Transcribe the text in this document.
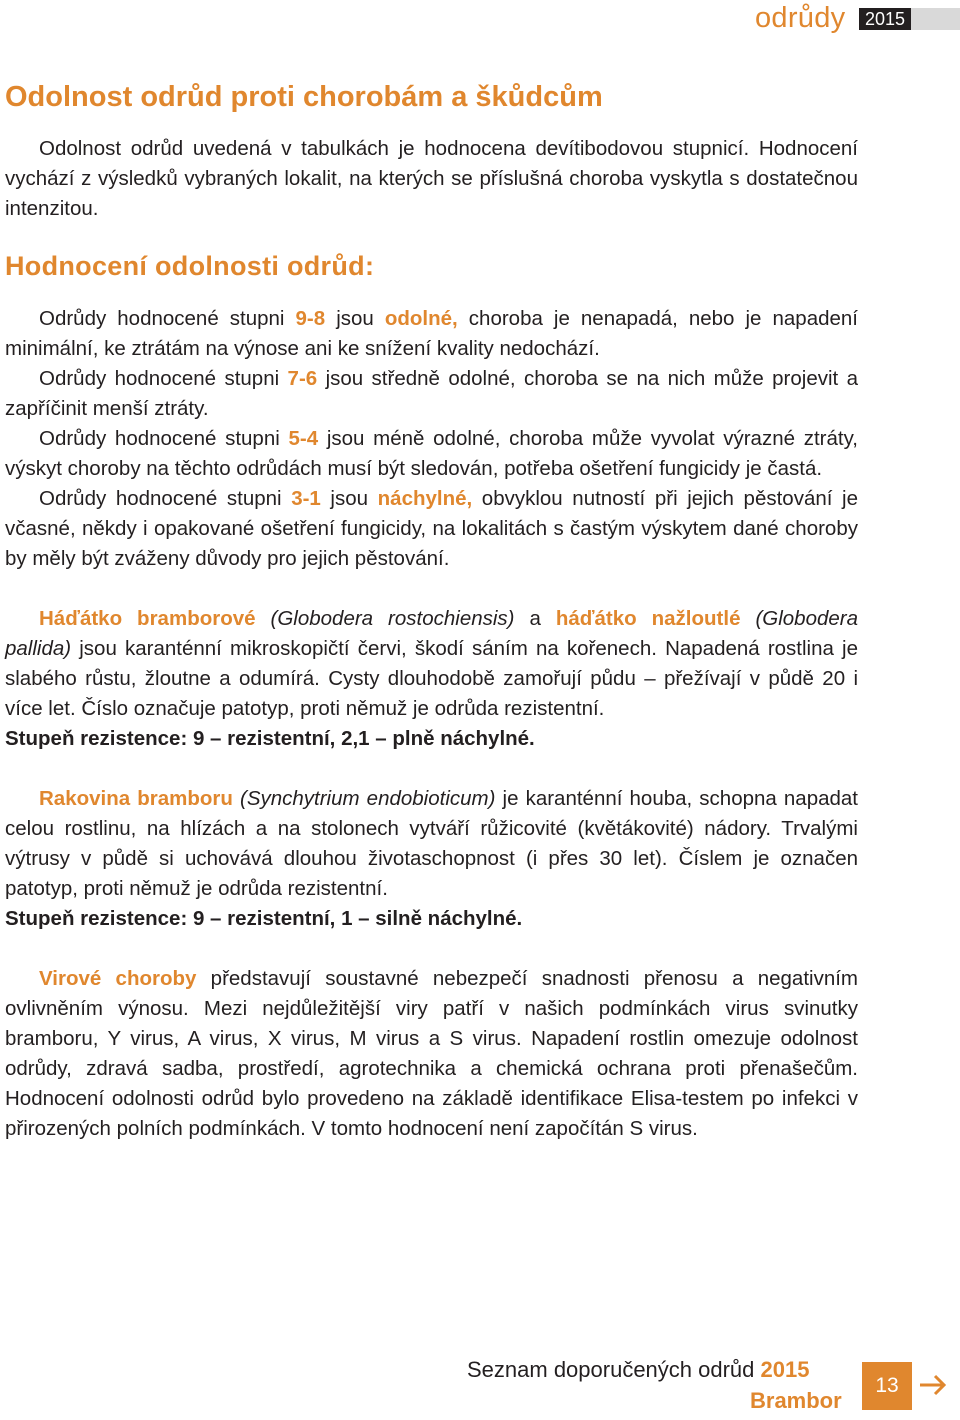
odrůdy	2015
Odolnost odrůd proti chorobám a škůdcům

Odolnost odrůd uvedená v tabulkách je hodnocena devítibodovou stupnicí. Hodnocení vychází z výsledků vybraných lokalit, na kterých se příslušná choroba vyskytla s dostatečnou intenzitou.

Hodnocení odolnosti odrůd:

Odrůdy hodnocené stupni 9-8 jsou odolné, choroba je nenapadá, nebo je napadení minimální, ke ztrátám na výnose ani ke snížení kvality nedochází.

Odrůdy hodnocené stupni 7-6 jsou středně odolné, choroba se na nich může projevit a zapříčinit menší ztráty.

Odrůdy hodnocené stupni 5-4 jsou méně odolné, choroba může vyvolat výrazné ztráty, výskyt choroby na těchto odrůdách musí být sledován, potřeba ošetření fungicidy je častá.

Odrůdy hodnocené stupni 3-1 jsou náchylné, obvyklou nutností při jejich pěstování je včasné, někdy i opakované ošetření fungicidy, na lokalitách s častým výskytem dané choroby by měly být zváženy důvody pro jejich pěstování.

Háďátko bramborové (Globodera rostochiensis) a háďátko nažloutlé (Globodera pallida) jsou karanténní mikroskopičtí červi, škodí sáním na kořenech. Napadená rostlina je slabého růstu, žloutne a odumírá. Cysty dlouhodobě zamořují půdu – přežívají v půdě 20 i více let. Číslo označuje patotyp, proti němuž je odrůda rezistentní.

Stupeň rezistence: 9 – rezistentní, 2,1 – plně náchylné.

Rakovina bramboru (Synchytrium endobioticum) je karanténní houba, schopna napadat celou rostlinu, na hlízách a na stolonech vytváří růžicovité (květákovité) nádory. Trvalými výtrusy v půdě si uchovává dlouhou životaschopnost (i přes 30 let). Číslem je označen patotyp, proti němuž je odrůda rezistentní.

Stupeň rezistence: 9 – rezistentní, 1 – silně náchylné.

Virové choroby představují soustavné nebezpečí snadnosti přenosu a negativním ovlivněním výnosu. Mezi nejdůležitější viry patří v našich podmínkách virus svinutky bramboru, Y virus, A virus, X virus, M virus a S virus. Napadení rostlin omezuje odolnost odrůdy, zdravá sadba, prostředí, agrotechnika a chemická ochrana proti přenašečům. Hodnocení odolnosti odrůd bylo provedeno na základě identifikace Elisa-testem po infekci v přirozených polních podmínkách. V tomto hodnocení není započítán S virus.

Seznam doporučených odrůd 2015
Brambor
13
